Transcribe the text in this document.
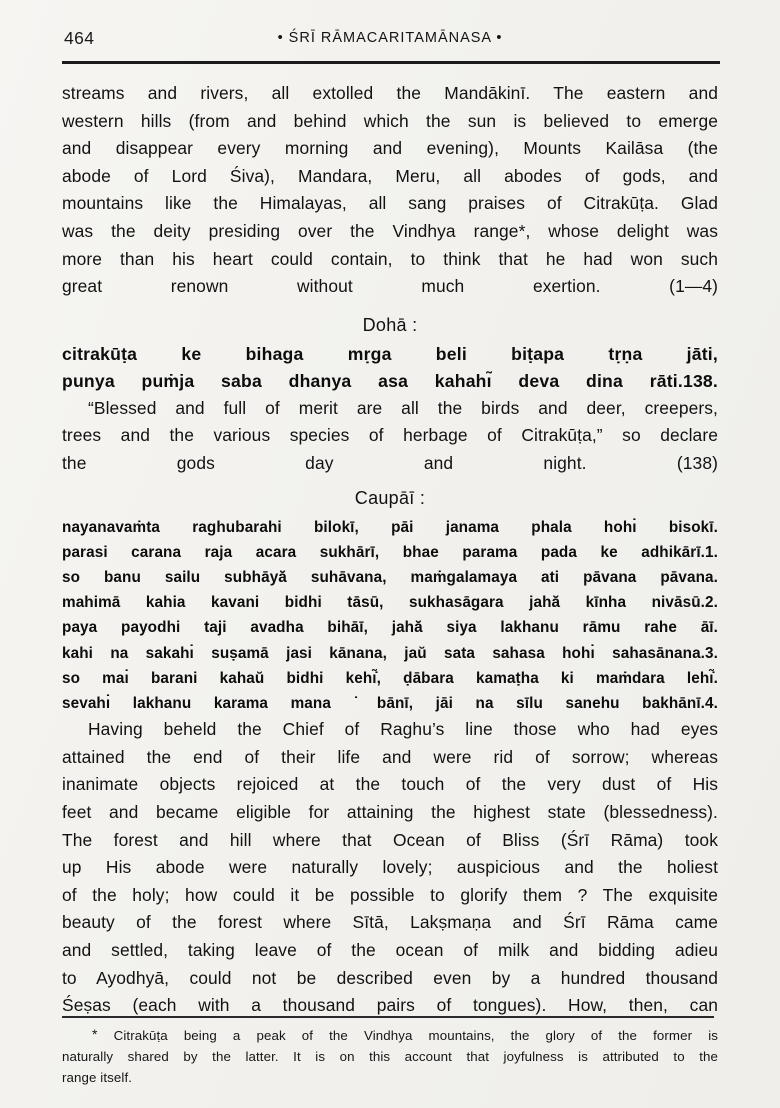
464	• ŚRĪ RĀMACARITAMĀNASA •
streams and rivers, all extolled the Mandākinī. The eastern and
western hills (from and behind which the sun is believed to emerge
and disappear every morning and evening), Mounts Kailāsa (the
abode of Lord Śiva), Mandara, Meru, all abodes of gods, and
mountains like the Himalayas, all sang praises of Citrakūṭa. Glad
was the deity presiding over the Vindhya range*, whose delight was
more than his heart could contain, to think that he had won such
great renown without much exertion.	(1—4)
Dohā :
citrakūṭa ke bihaga mṛga beli biṭapa tṛṇa jāti,
punya puṁja saba dhanya asa kahahı̃ deva dina rāti.138.
“Blessed and full of merit are all the birds and deer, creepers,
trees and the various species of herbage of Citrakūṭa,” so declare
the gods day and night.	(138)
Caupāī :
nayanavaṁta raghubarahi bilokī, pāi janama phala hohı̇ bisokī.
parasi carana raja acara sukhārī, bhae parama pada ke adhikārī.1.
so banu sailu subhāyă̆ suhāvana, maṁgalamaya ati pāvana pāvana.
mahimā kahia kavani bidhi tāsū, sukhasāgara jahă̆ kīnha nivāsū.2.
paya payodhi taji avadha bihāī, jahă̆ siya lakhanu rāmu rahe āī.
kahi na sakahı̇ suṣamā jasi kānana, jaŭ sata sahasa hohı̇ sahasānana.3.
so maı̇ barani kahaŭ bidhi kehı̃̇, ḍābara kamaṭha ki maṁdara lehı̃̇.
sevahı̇ lakhanu karama mana ˙bānī, jāi na sīlu sanehu bakhānī.4.
Having beheld the Chief of Raghu’s line those who had eyes
attained the end of their life and were rid of sorrow; whereas
inanimate objects rejoiced at the touch of the very dust of His
feet and became eligible for attaining the highest state (blessedness).
The forest and hill where that Ocean of Bliss (Śrī Rāma) took
up His abode were naturally lovely; auspicious and the holiest
of the holy; how could it be possible to glorify them ? The exquisite
beauty of the forest where Sītā, Lakṣmaṇa and Śrī Rāma came
and settled, taking leave of the ocean of milk and bidding adieu
to Ayodhyā, could not be described even by a hundred thousand
Śeṣas (each with a thousand pairs of tongues). How, then, can
* Citrakūṭa being a peak of the Vindhya mountains, the glory of the former is
naturally shared by the latter. It is on this account that joyfulness is attributed to the
range itself.
